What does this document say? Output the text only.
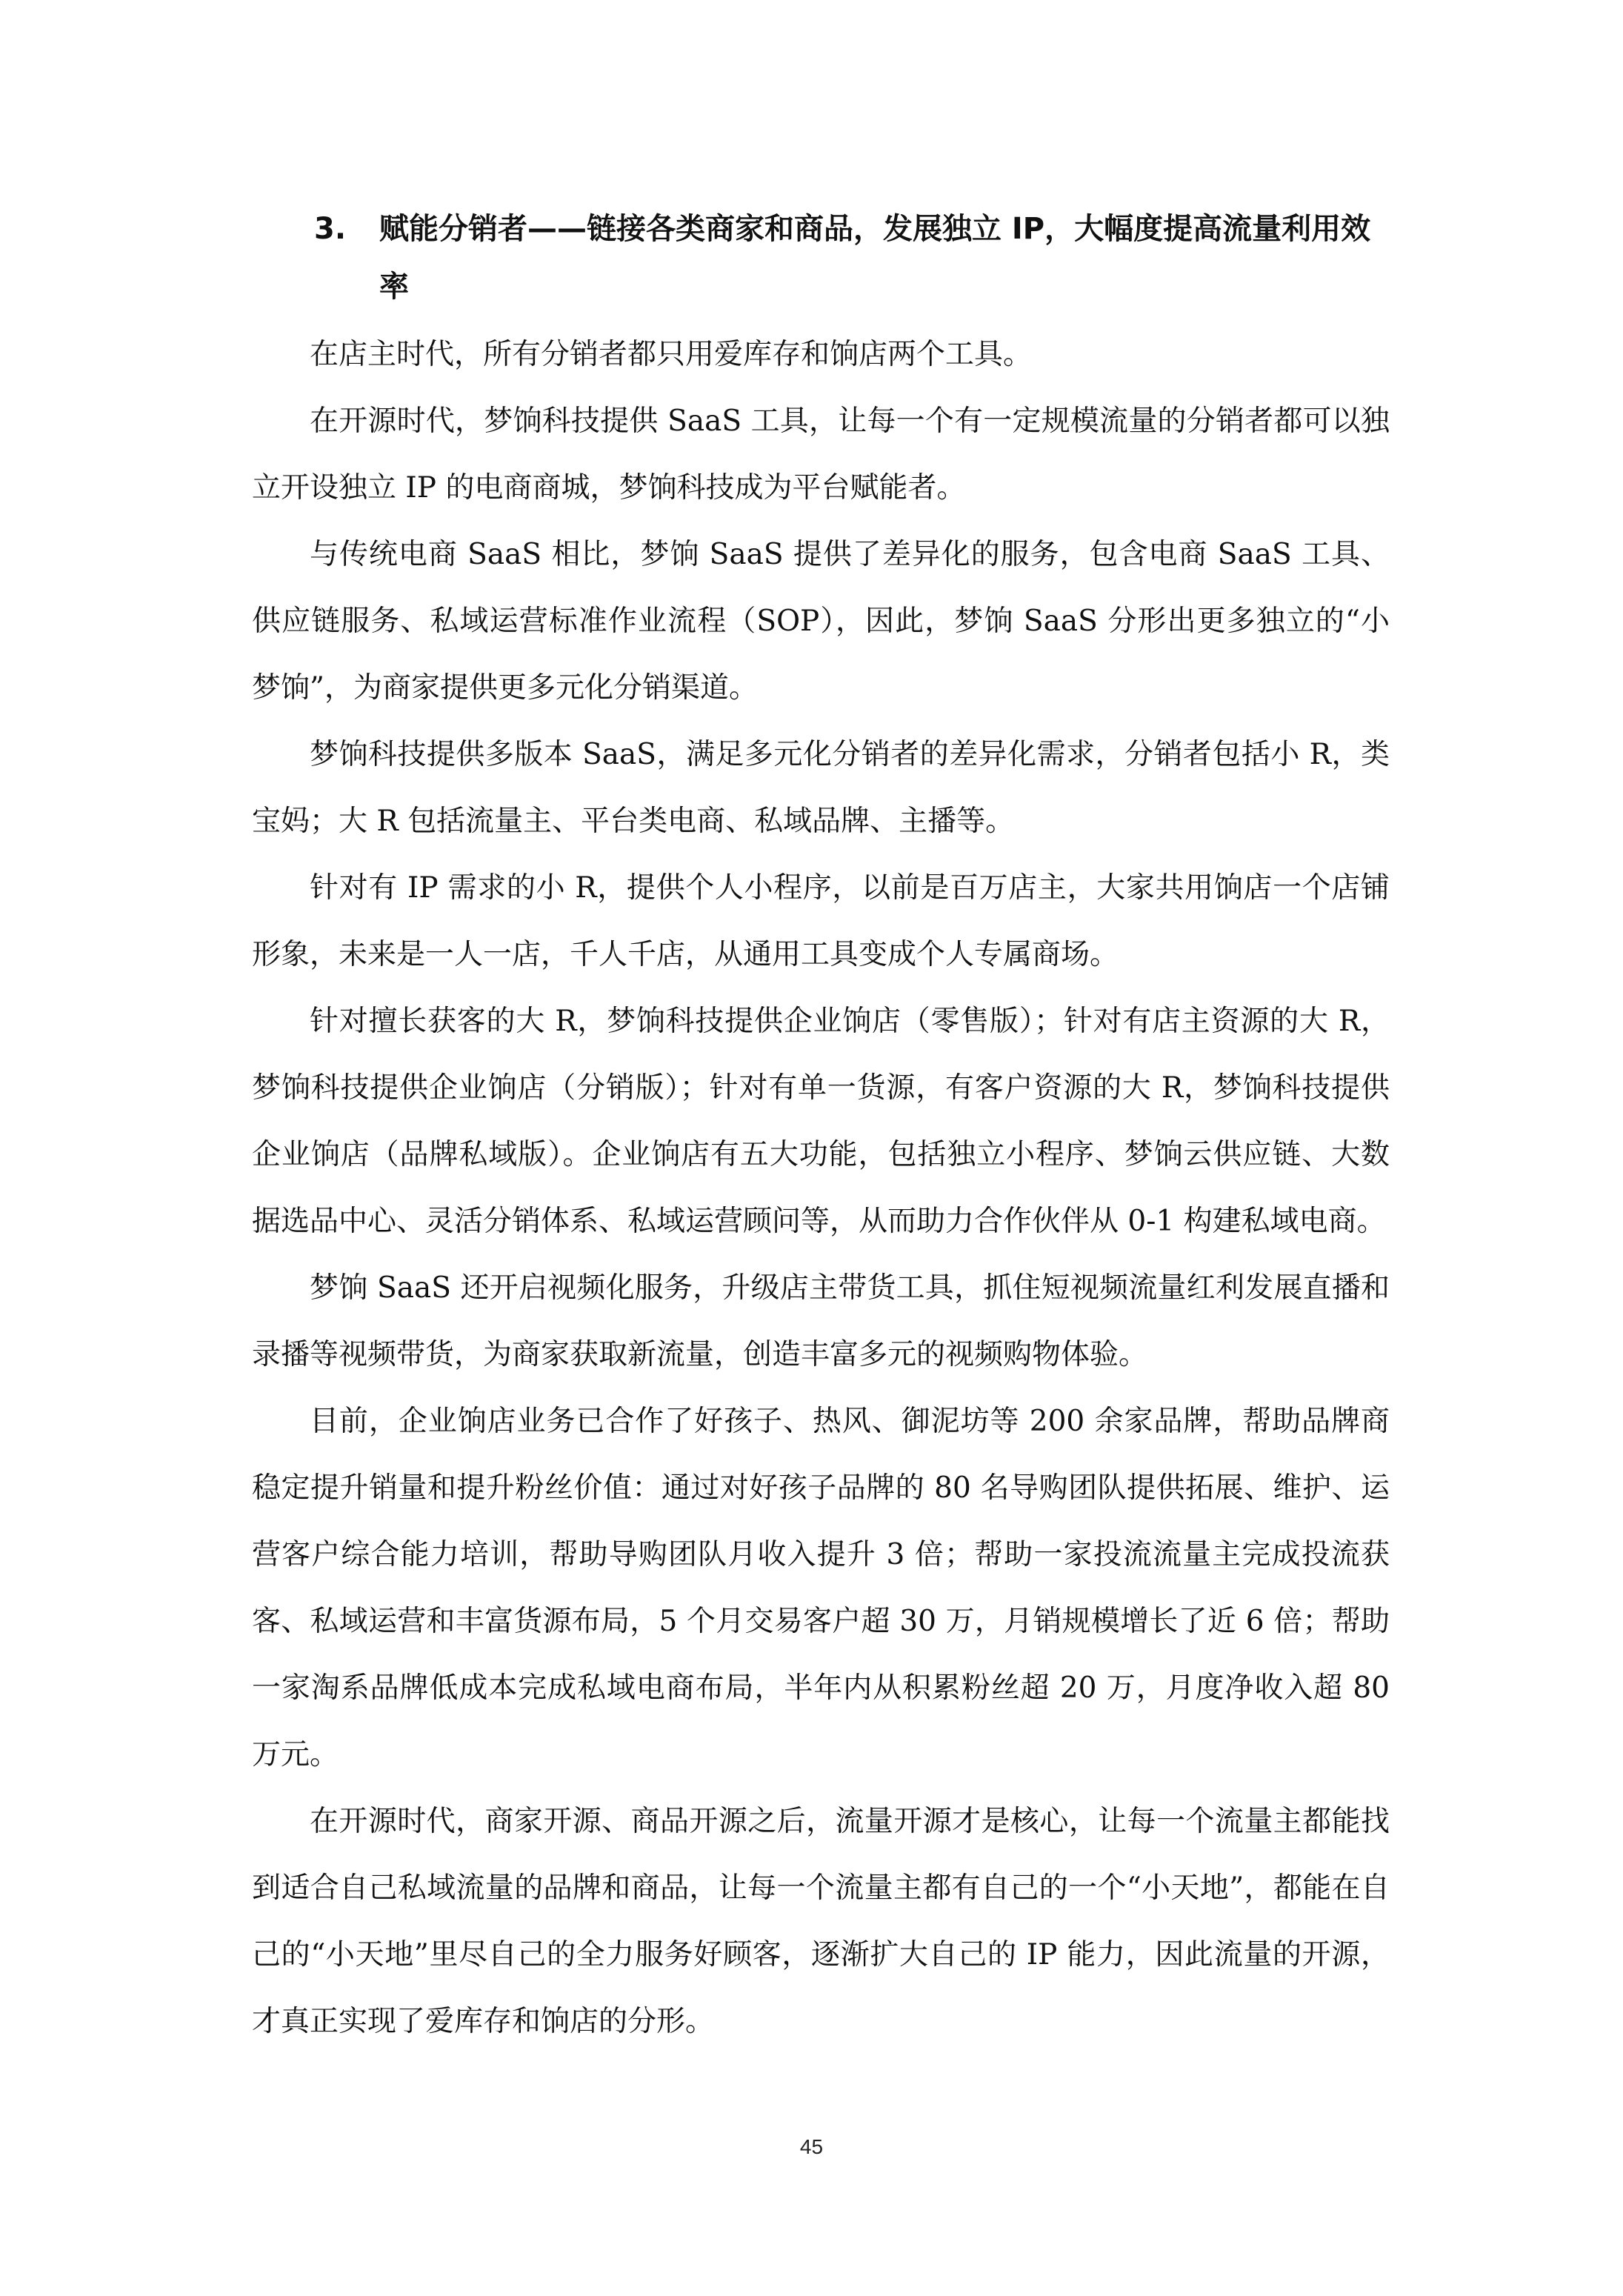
3.	赋能分销者——链接各类商家和商品，发展独立 IP，大幅度提高流量利用效率

在店主时代，所有分销者都只用爱库存和饷店两个工具。

在开源时代，梦饷科技提供 SaaS 工具，让每一个有一定规模流量的分销者都可以独立开设独立 IP 的电商商城，梦饷科技成为平台赋能者。

与传统电商 SaaS 相比，梦饷 SaaS 提供了差异化的服务，包含电商 SaaS 工具、供应链服务、私域运营标准作业流程（SOP），因此，梦饷 SaaS 分形出更多独立的“小梦饷”，为商家提供更多元化分销渠道。

梦饷科技提供多版本 SaaS，满足多元化分销者的差异化需求，分销者包括小 R，类宝妈；大 R 包括流量主、平台类电商、私域品牌、主播等。

针对有 IP 需求的小 R，提供个人小程序，以前是百万店主，大家共用饷店一个店铺形象，未来是一人一店，千人千店，从通用工具变成个人专属商场。

针对擅长获客的大 R，梦饷科技提供企业饷店（零售版）；针对有店主资源的大 R，梦饷科技提供企业饷店（分销版）；针对有单一货源，有客户资源的大 R，梦饷科技提供企业饷店（品牌私域版）。企业饷店有五大功能，包括独立小程序、梦饷云供应链、大数据选品中心、灵活分销体系、私域运营顾问等，从而助力合作伙伴从 0-1 构建私域电商。

梦饷 SaaS 还开启视频化服务，升级店主带货工具，抓住短视频流量红利发展直播和录播等视频带货，为商家获取新流量，创造丰富多元的视频购物体验。

目前，企业饷店业务已合作了好孩子、热风、御泥坊等 200 余家品牌，帮助品牌商稳定提升销量和提升粉丝价值：通过对好孩子品牌的 80 名导购团队提供拓展、维护、运营客户综合能力培训，帮助导购团队月收入提升 3 倍；帮助一家投流流量主完成投流获客、私域运营和丰富货源布局，5 个月交易客户超 30 万，月销规模增长了近 6 倍；帮助一家淘系品牌低成本完成私域电商布局，半年内从积累粉丝超 20 万，月度净收入超 80 万元。

在开源时代，商家开源、商品开源之后，流量开源才是核心，让每一个流量主都能找到适合自己私域流量的品牌和商品，让每一个流量主都有自己的一个“小天地”，都能在自己的“小天地”里尽自己的全力服务好顾客，逐渐扩大自己的 IP 能力，因此流量的开源，才真正实现了爱库存和饷店的分形。

45
